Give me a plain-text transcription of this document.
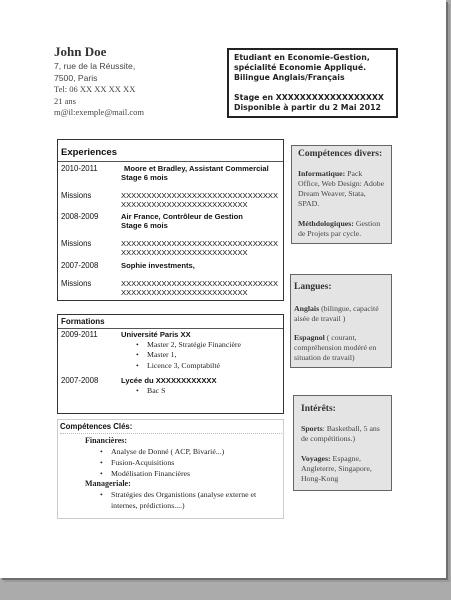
John Doe
7, rue de la Réussite,
7500, Paris
Tel: 06 XX XX XX XX
21 ans
m@il:exemple@mail.com
Etudiant en Economie-Gestion,
spécialité Economie Appliqué.
Bilingue Anglais/Français
Stage en XXXXXXXXXXXXXXXXXX
Disponible à partir du 2 Mai 2012
Experiences
2010-2011	Moore et Bradley, Assistant Commercial
Stage 6 mois
Missions	XXXXXXXXXXXXXXXXXXXXXXXXXXXXXXX
XXXXXXXXXXXXXXXXXXXXXXXXX
2008-2009	Air France, Contrôleur de Gestion
Stage 6 mois
Missions	XXXXXXXXXXXXXXXXXXXXXXXXXXXXXXX
XXXXXXXXXXXXXXXXXXXXXXXXX
2007-2008	Sophie investments,
Missions	XXXXXXXXXXXXXXXXXXXXXXXXXXXXXXX
XXXXXXXXXXXXXXXXXXXXXXXXX
Formations
2009-2011	Université Paris XX
• Master 2, Stratégie Financière
• Master 1,
• Licence 3, Comptabilté
2007-2008	Lycée du XXXXXXXXXXXX
• Bac S
Compétences Clés:
Financières:
• Analyse de Donné ( ACP, Bivarié...)
• Fusion-Acquisitions
• Modélisation Financières
Manageriale:
• Stratégies des Organistions (analyse externe et
internes, prédictions....)
Compétences divers:
Informatique: Pack
Office, Web Design: Adobe
Dream Weaver, Stata,
SPAD.
Méthdologiques: Gestion
de Projets par cycle.
Langues:
Anglais (bilingue, capacité
aisée de travail )
Espagnol ( courant,
compréhension modéré en
situation de travail)
Intérêts:
Sports: Basketball, 5 ans
de compétitions.)
Voyages: Espagne,
Angleterre, Singapore,
Hong-Kong
